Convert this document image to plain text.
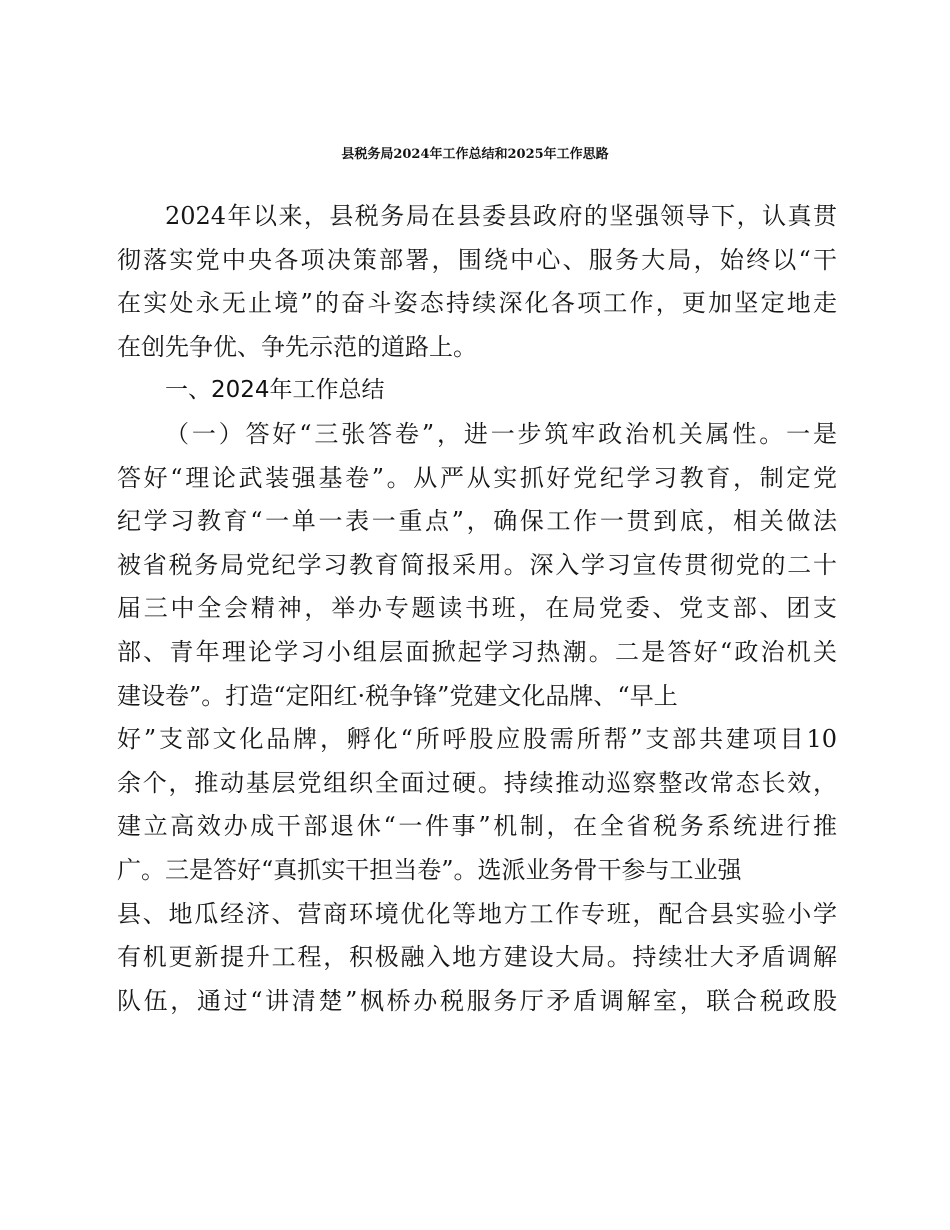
县税务局2024年工作总结和2025年工作思路
2024年以来，县税务局在县委县政府的坚强领导下，认真贯
彻落实党中央各项决策部署，围绕中心、服务大局，始终以“干
在实处永无止境”的奋斗姿态持续深化各项工作，更加坚定地走
在创先争优、争先示范的道路上。
一、2024年工作总结
（一）答好“三张答卷”，进一步筑牢政治机关属性。一是
答好“理论武装强基卷”。从严从实抓好党纪学习教育，制定党
纪学习教育“一单一表一重点”，确保工作一贯到底，相关做法
被省税务局党纪学习教育简报采用。深入学习宣传贯彻党的二十
届三中全会精神，举办专题读书班，在局党委、党支部、团支
部、青年理论学习小组层面掀起学习热潮。二是答好“政治机关
建设卷”。打造“定阳红·税争锋”党建文化品牌、“早上
好”支部文化品牌，孵化“所呼股应股需所帮”支部共建项目10
余个，推动基层党组织全面过硬。持续推动巡察整改常态长效，
建立高效办成干部退休“一件事”机制，在全省税务系统进行推
广。三是答好“真抓实干担当卷”。选派业务骨干参与工业强
县、地瓜经济、营商环境优化等地方工作专班，配合县实验小学
有机更新提升工程，积极融入地方建设大局。持续壮大矛盾调解
队伍，通过“讲清楚”枫桥办税服务厅矛盾调解室，联合税政股
